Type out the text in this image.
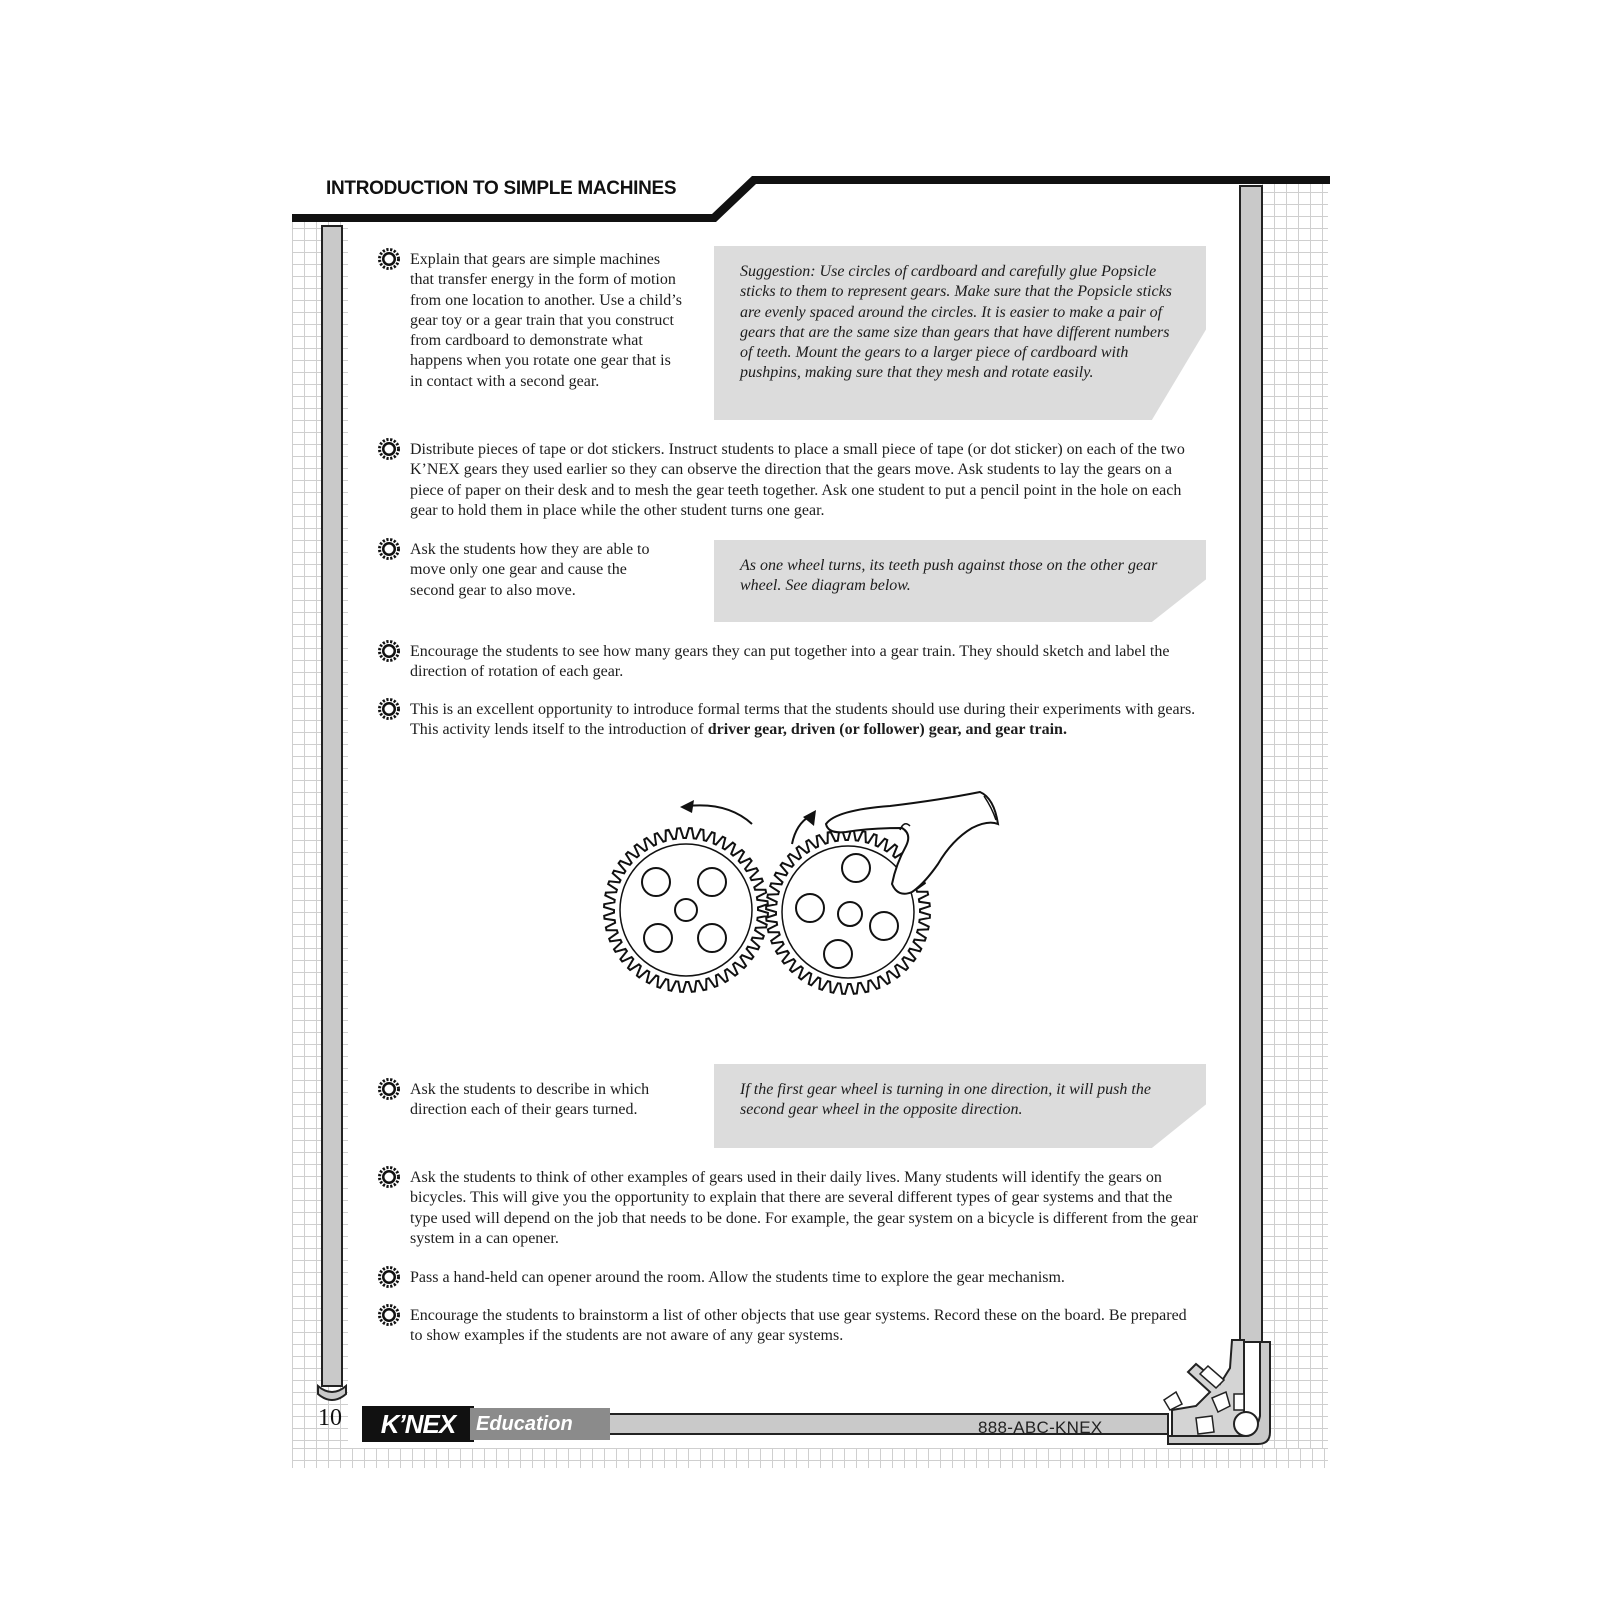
INTRODUCTION TO SIMPLE MACHINES
Explain that gears are simple machines that transfer energy in the form of motion from one location to another. Use a child’s gear toy or a gear train that you construct from cardboard to demonstrate what happens when you rotate one gear that is in contact with a second gear.
Suggestion: Use circles of cardboard and carefully glue Popsicle sticks to them to represent gears. Make sure that the Popsicle sticks are evenly spaced around the circles. It is easier to make a pair of gears that are the same size than gears that have different numbers of teeth. Mount the gears to a larger piece of cardboard with pushpins, making sure that they mesh and rotate easily.
Distribute pieces of tape or dot stickers. Instruct students to place a small piece of tape (or dot sticker) on each of the two K’NEX gears they used earlier so they can observe the direction that the gears move. Ask students to lay the gears on a piece of paper on their desk and to mesh the gear teeth together. Ask one student to put a pencil point in the hole on each gear to hold them in place while the other student turns one gear.
Ask the students how they are able to move only one gear and cause the second gear to also move.
As one wheel turns, its teeth push against those on the other gear wheel. See diagram below.
Encourage the students to see how many gears they can put together into a gear train. They should sketch and label the direction of rotation of each gear.
This is an excellent opportunity to introduce formal terms that the students should use during their experiments with gears. This activity lends itself to the introduction of driver gear, driven (or follower) gear, and gear train.
Ask the students to describe in which direction each of their gears turned.
If the first gear wheel is turning in one direction, it will push the second gear wheel in the opposite direction.
Ask the students to think of other examples of gears used in their daily lives. Many students will identify the gears on bicycles. This will give you the opportunity to explain that there are several different types of gear systems and that the type used will depend on the job that needs to be done. For example, the gear system on a bicycle is different from the gear system in a can opener.
Pass a hand-held can opener around the room. Allow the students time to explore the gear mechanism.
Encourage the students to brainstorm a list of other objects that use gear systems. Record these on the board. Be prepared to show examples if the students are not aware of any gear systems.
10	K’NEX	Education	888-ABC-KNEX
